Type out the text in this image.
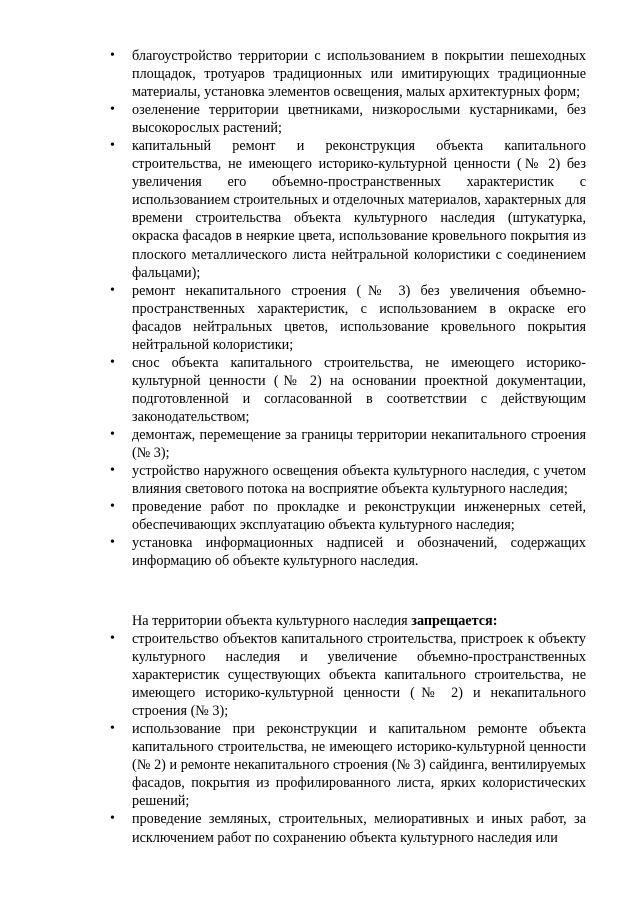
• благоустройство территории с использованием в покрытии пешеходных площадок, тротуаров традиционных или имитирующих традиционные материалы, установка элементов освещения, малых архитектурных форм;
• озеленение территории цветниками, низкорослыми кустарниками, без высокорослых растений;
• капитальный ремонт и реконструкция объекта капитального строительства, не имеющего историко-культурной ценности (№ 2) без увеличения его объемно-пространственных характеристик с использованием строительных и отделочных материалов, характерных для времени строительства объекта культурного наследия (штукатурка, окраска фасадов в неяркие цвета, использование кровельного покрытия из плоского металлического листа нейтральной колористики с соединением фальцами);
• ремонт некапитального строения (№ 3) без увеличения объемно-пространственных характеристик, с использованием в окраске его фасадов нейтральных цветов, использование кровельного покрытия нейтральной колористики;
• снос объекта капитального строительства, не имеющего историко-культурной ценности (№ 2) на основании проектной документации, подготовленной и согласованной в соответствии с действующим законодательством;
• демонтаж, перемещение за границы территории некапитального строения (№ 3);
• устройство наружного освещения объекта культурного наследия, с учетом влияния светового потока на восприятие объекта культурного наследия;
• проведение работ по прокладке и реконструкции инженерных сетей, обеспечивающих эксплуатацию объекта культурного наследия;
• установка информационных надписей и обозначений, содержащих информацию об объекте культурного наследия.

На территории объекта культурного наследия запрещается:

• строительство объектов капитального строительства, пристроек к объекту культурного наследия и увеличение объемно-пространственных характеристик существующих объекта капитального строительства, не имеющего историко-культурной ценности (№ 2) и некапитального строения (№ 3);
• использование при реконструкции и капитальном ремонте объекта капитального строительства, не имеющего историко-культурной ценности (№ 2) и ремонте некапитального строения (№ 3) сайдинга, вентилируемых фасадов, покрытия из профилированного листа, ярких колористических решений;
• проведение земляных, строительных, мелиоративных и иных работ, за исключением работ по сохранению объекта культурного наследия или
